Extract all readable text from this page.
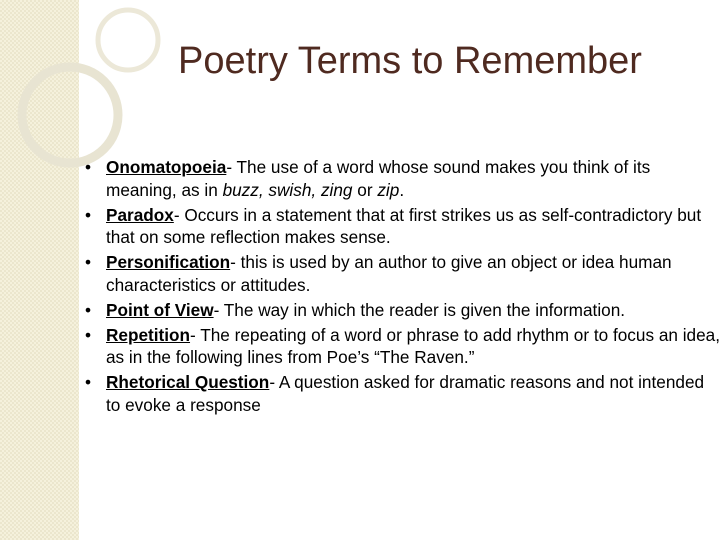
Poetry Terms to Remember
• Onomatopoeia- The use of a word whose sound makes you think of its meaning, as in buzz, swish, zing or zip.
• Paradox- Occurs in a statement that at first strikes us as self-contradictory but that on some reflection makes sense.
• Personification- this is used by an author to give an object or idea human characteristics or attitudes.
• Point of View- The way in which the reader is given the information.
• Repetition- The repeating of a word or phrase to add rhythm or to focus an idea, as in the following lines from Poe’s “The Raven.”
• Rhetorical Question- A question asked for dramatic reasons and not intended to evoke a response
